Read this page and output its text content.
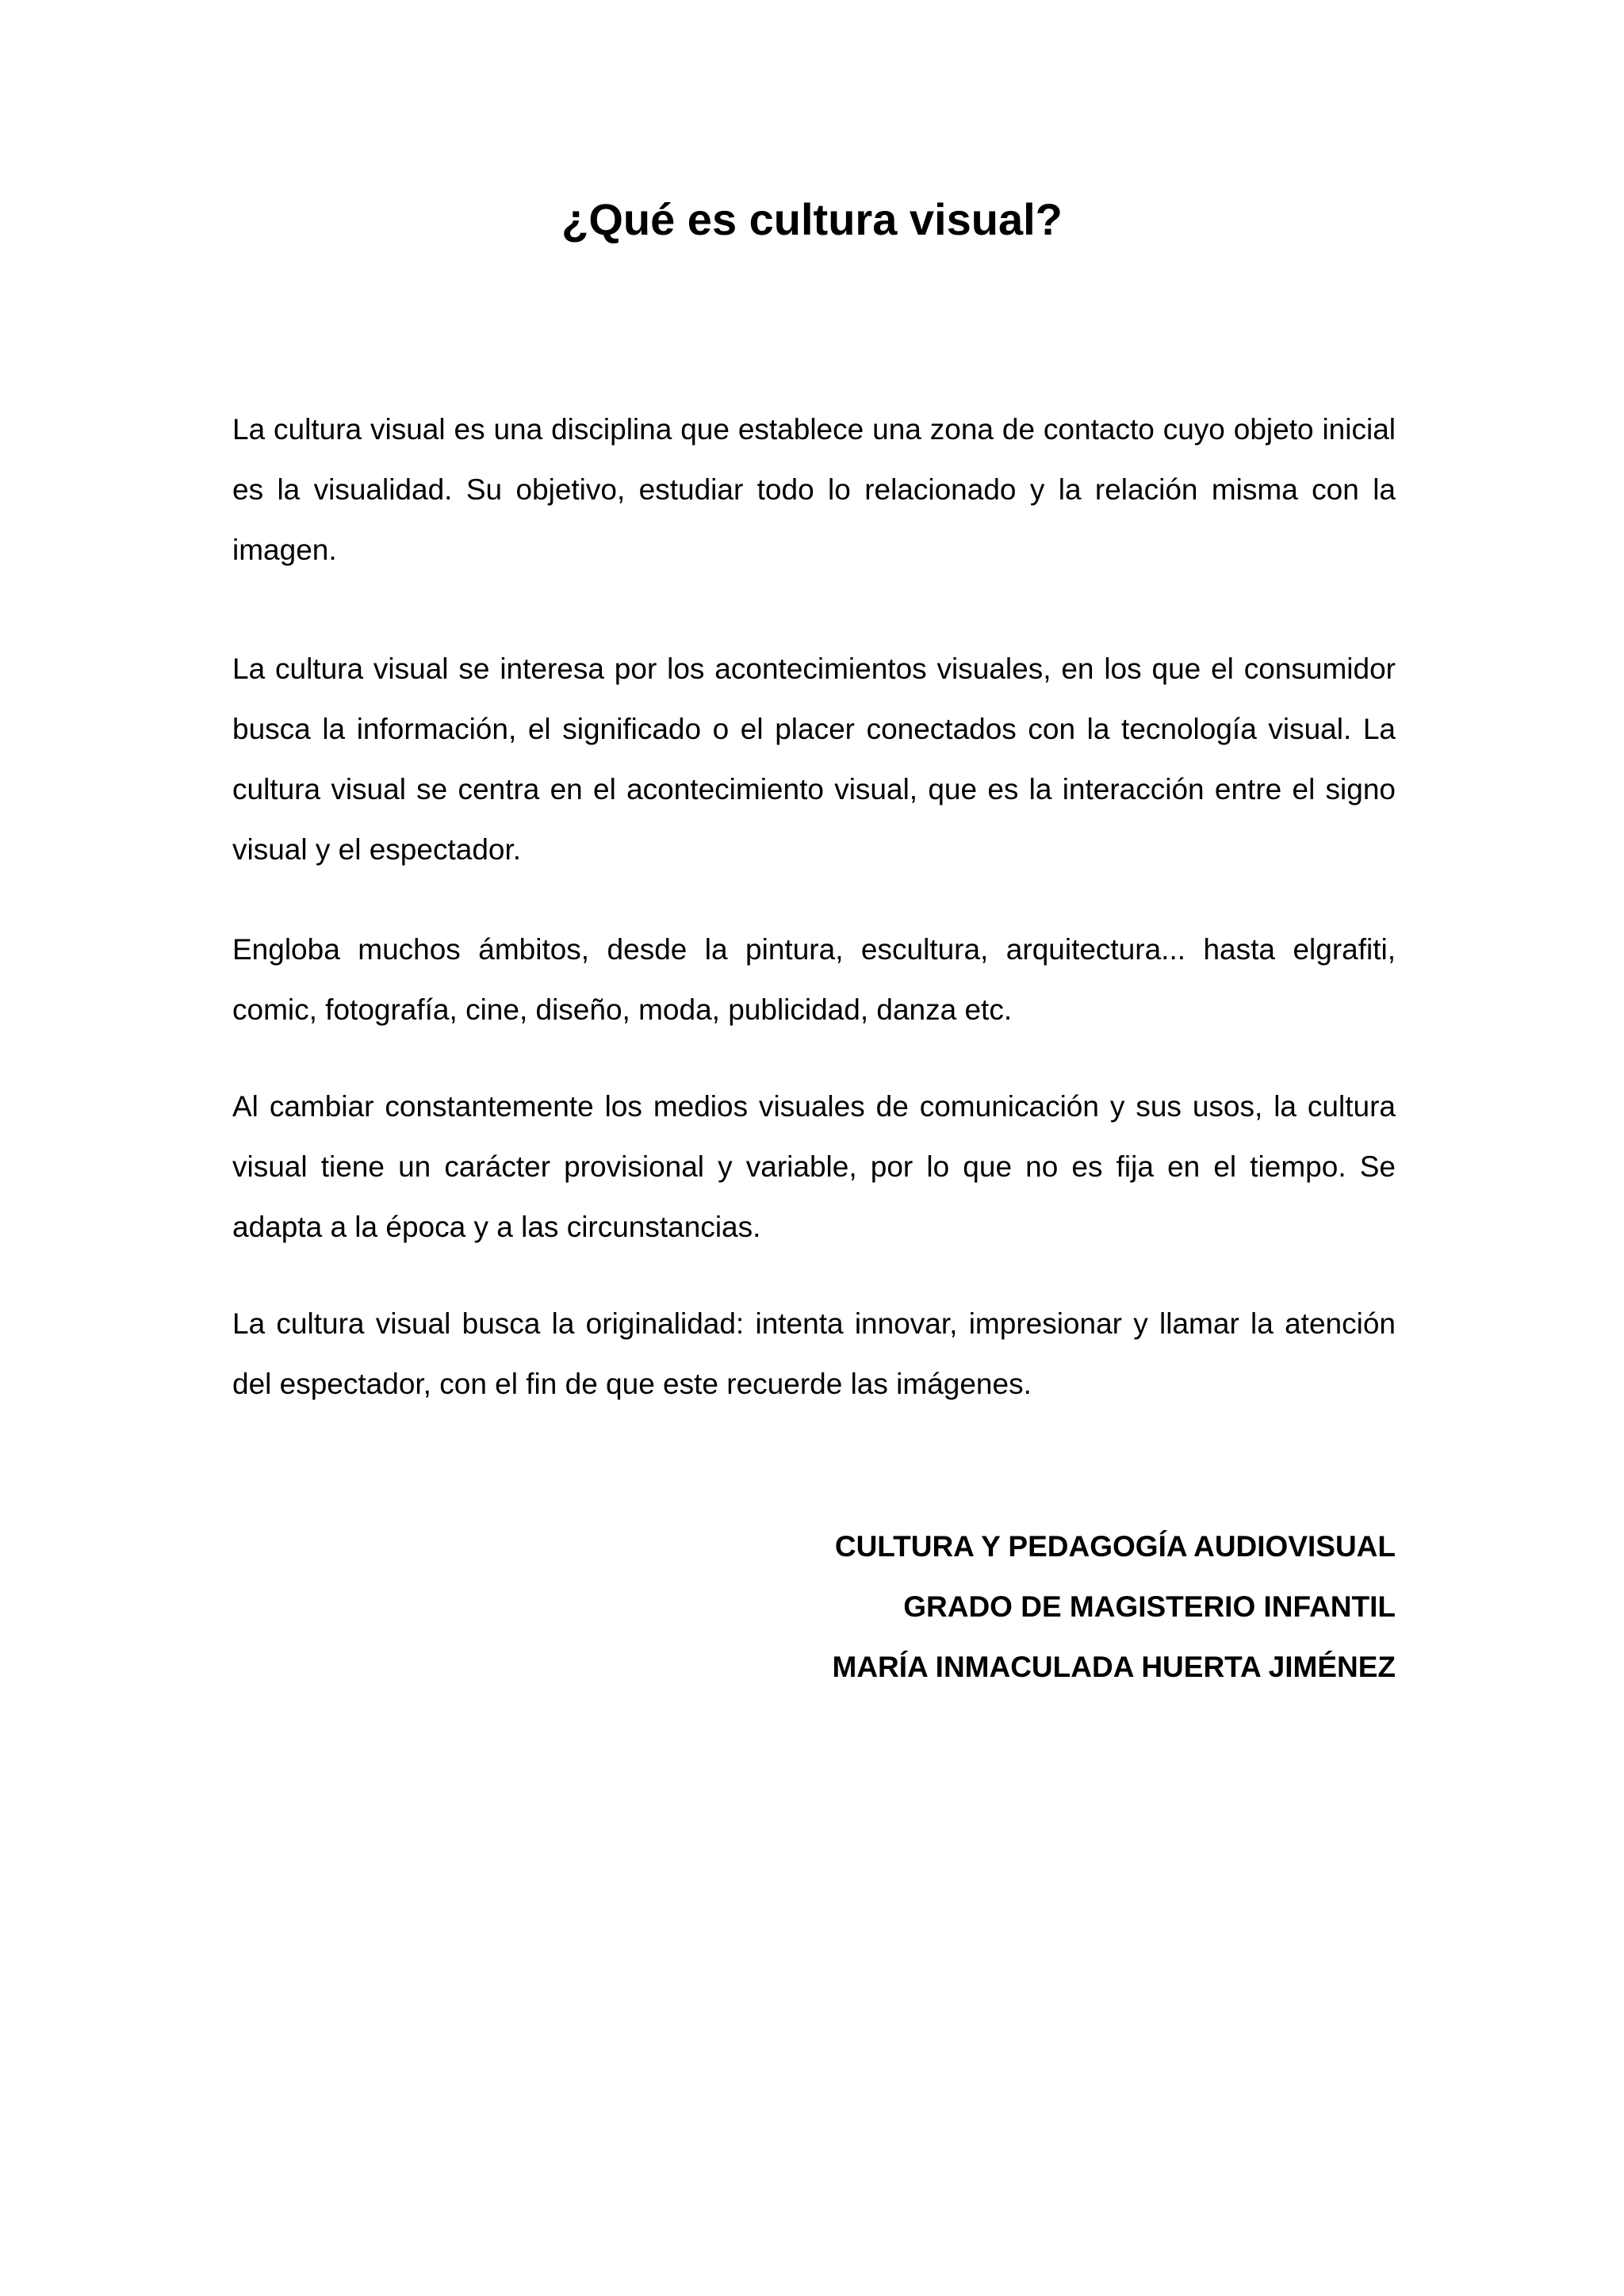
¿Qué es cultura visual?

La cultura visual es una disciplina que establece una zona de contacto cuyo objeto inicial es la visualidad. Su objetivo, estudiar todo lo relacionado y la relación misma con la imagen.

La cultura visual se interesa por los acontecimientos visuales, en los que el consumidor busca la información, el significado o el placer conectados con la tecnología visual. La cultura visual se centra en el acontecimiento visual, que es la interacción entre el signo visual y el espectador.

Engloba muchos ámbitos, desde la pintura, escultura, arquitectura... hasta elgrafiti, comic, fotografía, cine, diseño, moda, publicidad, danza etc.

Al cambiar constantemente los medios visuales de comunicación y sus usos, la cultura visual tiene un carácter provisional y variable, por lo que no es fija en el tiempo. Se adapta a la época y a las circunstancias.

La cultura visual busca la originalidad: intenta innovar, impresionar y llamar la atención del espectador, con el fin de que este recuerde las imágenes.

CULTURA Y PEDAGOGÍA AUDIOVISUAL
GRADO DE MAGISTERIO INFANTIL
MARÍA INMACULADA HUERTA JIMÉNEZ
